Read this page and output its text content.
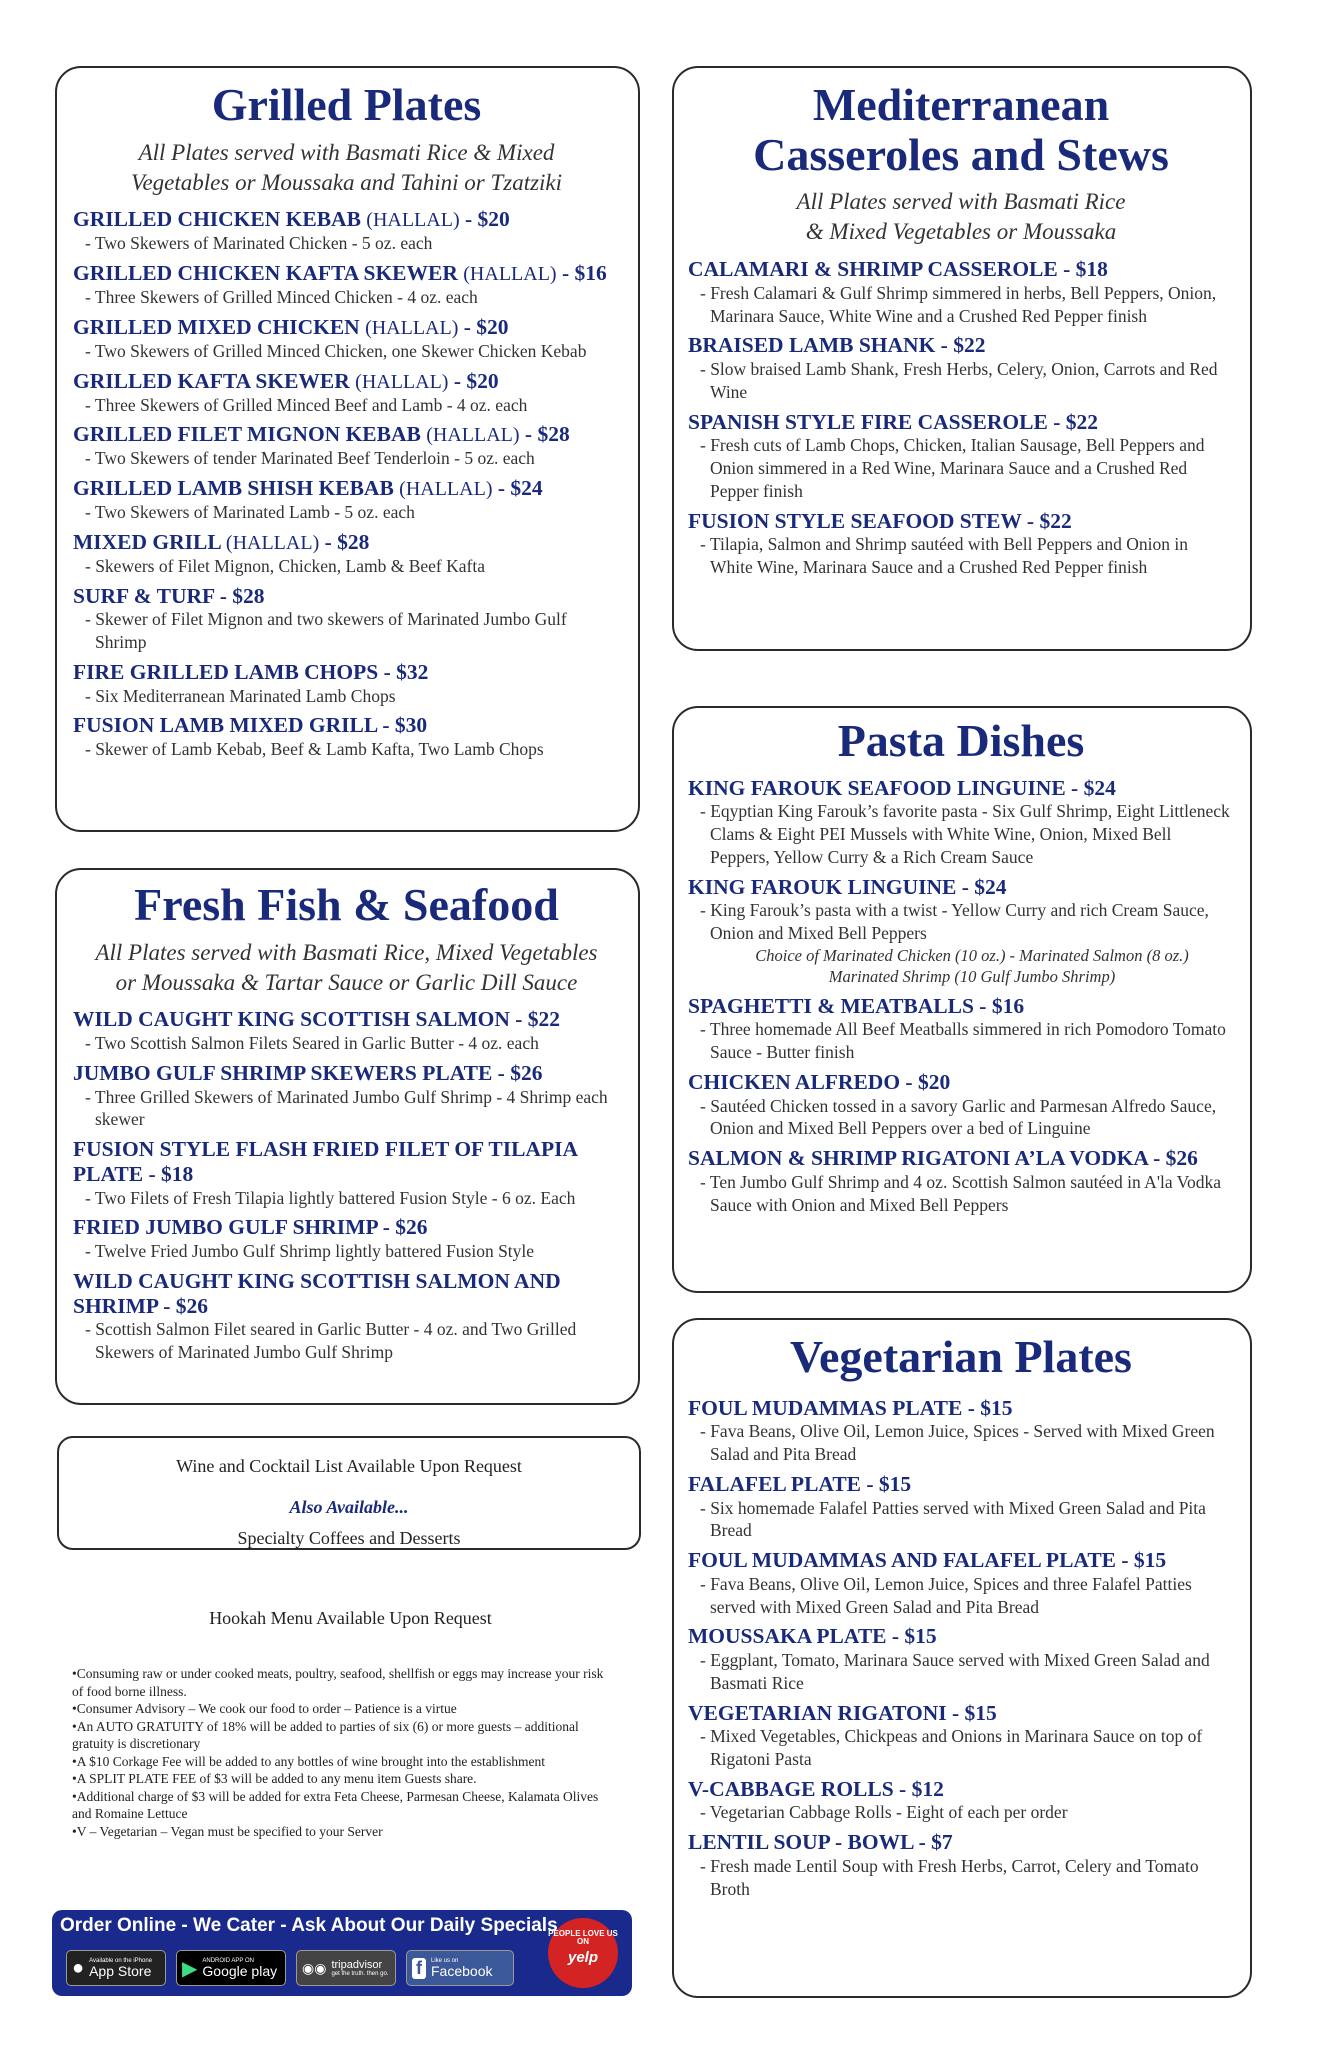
Grilled Plates
All Plates served with Basmati Rice & Mixed
Vegetables or Moussaka and Tahini or Tzatziki
GRILLED CHICKEN KEBAB (HALLAL) - $20
- Two Skewers of Marinated Chicken - 5 oz. each
GRILLED CHICKEN KAFTA SKEWER (HALLAL) - $16
- Three Skewers of Grilled Minced Chicken - 4 oz. each
GRILLED MIXED CHICKEN (HALLAL) - $20
- Two Skewers of Grilled Minced Chicken, one Skewer Chicken Kebab
GRILLED KAFTA SKEWER (HALLAL) - $20
- Three Skewers of Grilled Minced Beef and Lamb - 4 oz. each
GRILLED FILET MIGNON KEBAB (HALLAL) - $28
- Two Skewers of tender Marinated Beef Tenderloin - 5 oz. each
GRILLED LAMB SHISH KEBAB (HALLAL) - $24
- Two Skewers of Marinated Lamb - 5 oz. each
MIXED GRILL (HALLAL) - $28
- Skewers of Filet Mignon, Chicken, Lamb & Beef Kafta
SURF & TURF - $28
- Skewer of Filet Mignon and two skewers of Marinated Jumbo Gulf Shrimp
FIRE GRILLED LAMB CHOPS - $32
- Six Mediterranean Marinated Lamb Chops
FUSION LAMB MIXED GRILL - $30
- Skewer of Lamb Kebab, Beef & Lamb Kafta, Two Lamb Chops
Fresh Fish & Seafood
All Plates served with Basmati Rice, Mixed Vegetables
or Moussaka & Tartar Sauce or Garlic Dill Sauce
WILD CAUGHT KING SCOTTISH SALMON - $22
- Two Scottish Salmon Filets Seared in Garlic Butter - 4 oz. each
JUMBO GULF SHRIMP SKEWERS PLATE - $26
- Three Grilled Skewers of Marinated Jumbo Gulf Shrimp - 4 Shrimp each skewer
FUSION STYLE FLASH FRIED FILET OF TILAPIA PLATE - $18
- Two Filets of Fresh Tilapia lightly battered Fusion Style - 6 oz. Each
FRIED JUMBO GULF SHRIMP - $26
- Twelve Fried Jumbo Gulf Shrimp lightly battered Fusion Style
WILD CAUGHT KING SCOTTISH SALMON AND SHRIMP - $26
- Scottish Salmon Filet seared in Garlic Butter - 4 oz. and Two Grilled Skewers of Marinated Jumbo Gulf Shrimp

Wine and Cocktail List Available Upon Request

Also Available...

Specialty Coffees and Desserts

Hookah Menu Available Upon Request
•Consuming raw or under cooked meats, poultry, seafood, shellfish or eggs may increase your risk of food borne illness.
•Consumer Advisory – We cook our food to order – Patience is a virtue
•An AUTO GRATUITY of 18% will be added to parties of six (6) or more guests – additional gratuity is discretionary
•A $10 Corkage Fee will be added to any bottles of wine brought into the establishment
•A SPLIT PLATE FEE of $3 will be added to any menu item Guests share.
•Additional charge of $3 will be added for extra Feta Cheese, Parmesan Cheese, Kalamata Olives and Romaine Lettuce
•V – Vegetarian – Vegan must be specified to your Server
Order Online - We Cater - Ask About Our Daily Specials
● Available on the iPhone
App Store ▶ ANDROID APP ON
Google play ◉◉ tripadvisor
get the truth. then go. f	Like us on
Facebook
PEOPLE LOVE US ON
yelp
Mediterranean
Casseroles and Stews
All Plates served with Basmati Rice
& Mixed Vegetables or Moussaka
CALAMARI & SHRIMP CASSEROLE - $18
- Fresh Calamari & Gulf Shrimp simmered in herbs, Bell Peppers, Onion, Marinara Sauce, White Wine and a Crushed Red Pepper finish
BRAISED LAMB SHANK - $22
- Slow braised Lamb Shank, Fresh Herbs, Celery, Onion, Carrots and Red Wine
SPANISH STYLE FIRE CASSEROLE - $22
- Fresh cuts of Lamb Chops, Chicken, Italian Sausage, Bell Peppers and Onion simmered in a Red Wine, Marinara Sauce and a Crushed Red Pepper finish
FUSION STYLE SEAFOOD STEW - $22
- Tilapia, Salmon and Shrimp sautéed with Bell Peppers and Onion in White Wine, Marinara Sauce and a Crushed Red Pepper finish
Pasta Dishes
KING FAROUK SEAFOOD LINGUINE - $24
- Eqyptian King Farouk’s favorite pasta - Six Gulf Shrimp, Eight Littleneck Clams & Eight PEI Mussels with White Wine, Onion, Mixed Bell Peppers, Yellow Curry & a Rich Cream Sauce
KING FAROUK LINGUINE - $24
- King Farouk’s pasta with a twist - Yellow Curry and rich Cream Sauce, Onion and Mixed Bell Peppers
Choice of Marinated Chicken (10 oz.) - Marinated Salmon (8 oz.)
Marinated Shrimp (10 Gulf Jumbo Shrimp)
SPAGHETTI & MEATBALLS - $16
- Three homemade All Beef Meatballs simmered in rich Pomodoro Tomato Sauce - Butter finish
CHICKEN ALFREDO - $20
- Sautéed Chicken tossed in a savory Garlic and Parmesan Alfredo Sauce, Onion and Mixed Bell Peppers over a bed of Linguine
SALMON & SHRIMP RIGATONI A’LA VODKA - $26
- Ten Jumbo Gulf Shrimp and 4 oz. Scottish Salmon sautéed in A'la Vodka Sauce with Onion and Mixed Bell Peppers
Vegetarian Plates
FOUL MUDAMMAS PLATE - $15
- Fava Beans, Olive Oil, Lemon Juice, Spices - Served with Mixed Green Salad and Pita Bread
FALAFEL PLATE - $15
- Six homemade Falafel Patties served with Mixed Green Salad and Pita Bread
FOUL MUDAMMAS AND FALAFEL PLATE - $15
- Fava Beans, Olive Oil, Lemon Juice, Spices and three Falafel Patties served with Mixed Green Salad and Pita Bread
MOUSSAKA PLATE - $15
- Eggplant, Tomato, Marinara Sauce served with Mixed Green Salad and Basmati Rice
VEGETARIAN RIGATONI - $15
- Mixed Vegetables, Chickpeas and Onions in Marinara Sauce on top of Rigatoni Pasta
V-CABBAGE ROLLS - $12
- Vegetarian Cabbage Rolls - Eight of each per order
LENTIL SOUP - BOWL - $7
- Fresh made Lentil Soup with Fresh Herbs, Carrot, Celery and Tomato Broth
